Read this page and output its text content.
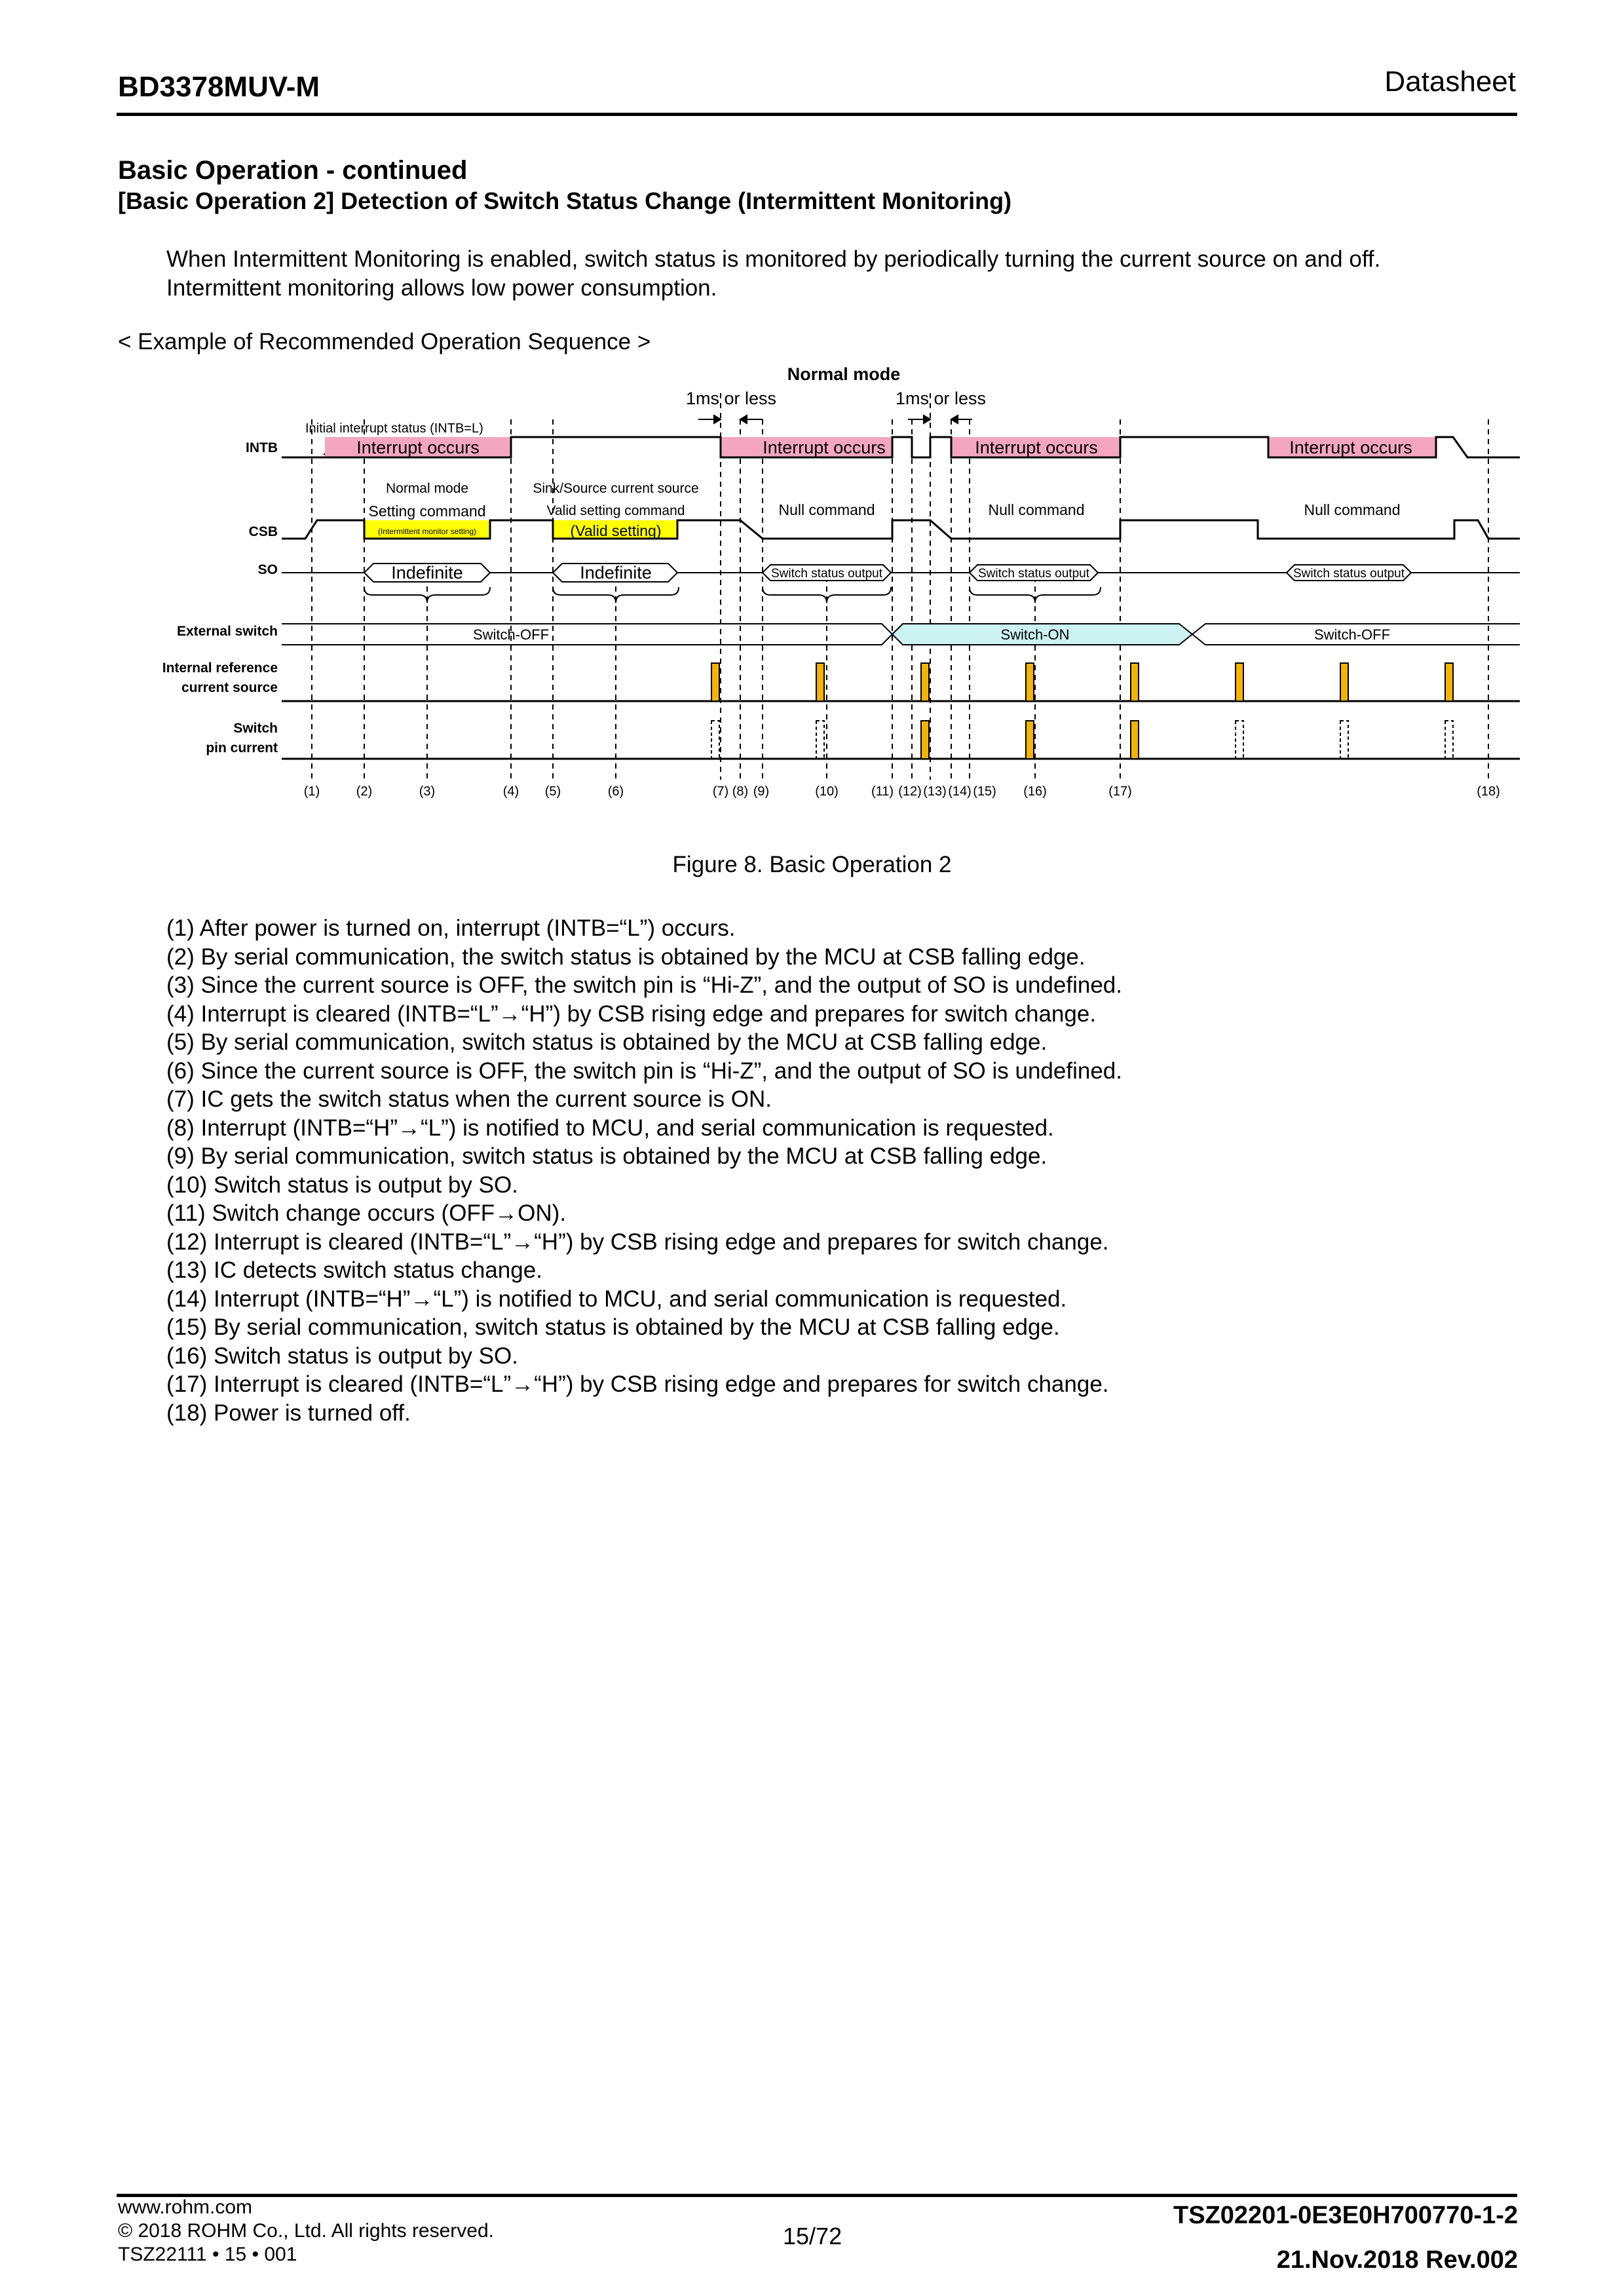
BD3378MUV-M	Datasheet
Basic Operation - continued
[Basic Operation 2] Detection of Switch Status Change (Intermittent Monitoring)
When Intermittent Monitoring is enabled, switch status is monitored by periodically turning the current source on and off.
Intermittent monitoring allows low power consumption.
< Example of Recommended Operation Sequence >
Normal mode
1ms or less	1ms or less
Initial interrupt status (INTB=L)
INTB
CSB
SO
External switch
Internal reference
current source
Switch
pin current
Interrupt occurs	Interrupt occurs	Interrupt occurs	Interrupt occurs
Normal mode
Setting command
(Intermittent monitor setting)
Sink/Source current source
Valid setting command
(Valid setting)
Null command	Null command	Null command
Indefinite	Indefinite	Switch status output	Switch status output	Switch status output
Switch-OFF	Switch-ON	Switch-OFF
(1)	(2)	(3)	(4) (5)	(6)	(7) (8) (9)	(10)	(11) (12) (13) (14) (15) (16)	(17)	(18)
Figure 8. Basic Operation 2
(1) After power is turned on, interrupt (INTB=“L”) occurs.
(2) By serial communication, the switch status is obtained by the MCU at CSB falling edge.
(3) Since the current source is OFF, the switch pin is “Hi-Z”, and the output of SO is undefined.
(4) Interrupt is cleared (INTB=“L”→“H”) by CSB rising edge and prepares for switch change.
(5) By serial communication, switch status is obtained by the MCU at CSB falling edge.
(6) Since the current source is OFF, the switch pin is “Hi-Z”, and the output of SO is undefined.
(7) IC gets the switch status when the current source is ON.
(8) Interrupt (INTB=“H”→“L”) is notified to MCU, and serial communication is requested.
(9) By serial communication, switch status is obtained by the MCU at CSB falling edge.
(10) Switch status is output by SO.
(11) Switch change occurs (OFF→ON).
(12) Interrupt is cleared (INTB=“L”→“H”) by CSB rising edge and prepares for switch change.
(13) IC detects switch status change.
(14) Interrupt (INTB=“H”→“L”) is notified to MCU, and serial communication is requested.
(15) By serial communication, switch status is obtained by the MCU at CSB falling edge.
(16) Switch status is output by SO.
(17) Interrupt is cleared (INTB=“L”→“H”) by CSB rising edge and prepares for switch change.
(18) Power is turned off.
www.rohm.com
© 2018 ROHM Co., Ltd. All rights reserved.
TSZ22111 • 15 • 001
15/72
TSZ02201-0E3E0H700770-1-2
21.Nov.2018 Rev.002
